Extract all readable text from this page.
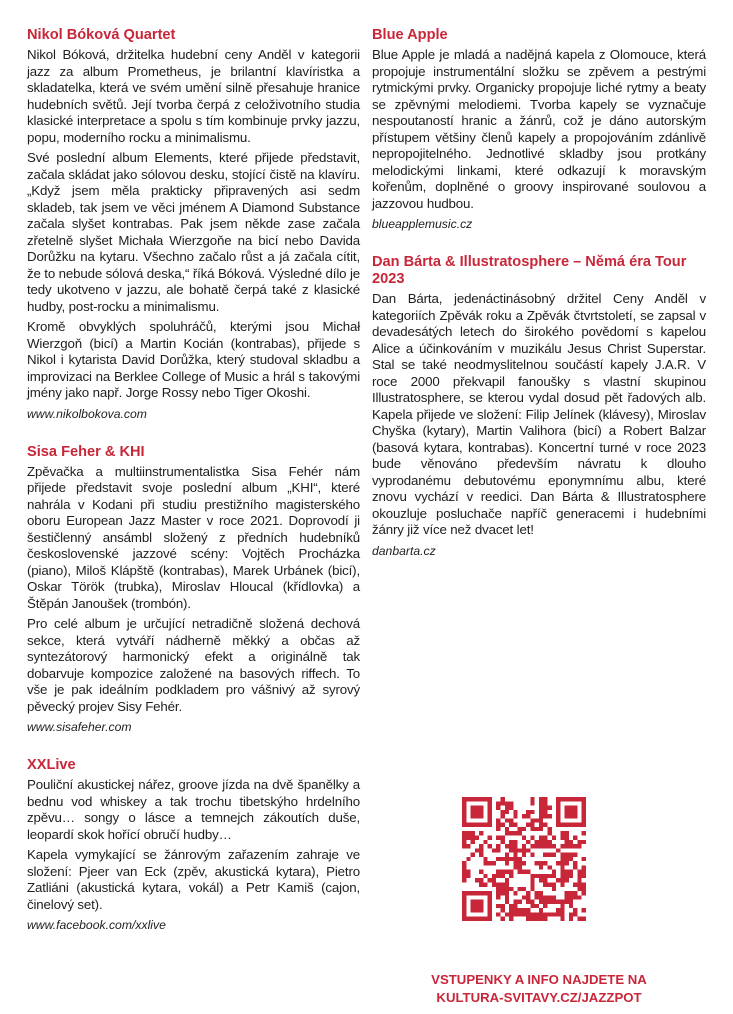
Nikol Bóková Quartet

Nikol Bóková, držitelka hudební ceny Anděl v kategorii jazz za album Prometheus, je brilantní klavíristka a skladatelka, která ve svém umění silně přesahuje hranice hudebních světů. Její tvorba čerpá z celoživotního studia klasické interpretace a spolu s tím kombinuje prvky jazzu, popu, moderního rocku a minimalismu.

Své poslední album Elements, které přijede představit, začala skládat jako sólovou desku, stojící čistě na klavíru. „Když jsem měla prakticky připravených asi sedm skladeb, tak jsem ve věci jménem A Diamond Substance začala slyšet kontrabas. Pak jsem někde zase začala zřetelně slyšet Michała Wierzgoňe na bicí nebo Davida Dorůžku na kytaru. Všechno začalo růst a já začala cítit, že to nebude sólová deska,“ říká Bóková. Výsledné dílo je tedy ukotveno v jazzu, ale bohatě čerpá také z klasické hudby, post-rocku a minimalismu.

Kromě obvyklých spoluhráčů, kterými jsou Michał Wierzgoň (bicí) a Martin Kocián (kontrabas), přijede s Nikol i kytarista David Dorůžka, který studoval skladbu a improvizaci na Berklee College of Music a hrál s takovými jmény jako např. Jorge Rossy nebo Tiger Okoshi.

www.nikolbokova.com
Sisa Feher & KHI

Zpěvačka a multiinstrumentalistka Sisa Fehér nám přijede představit svoje poslední album „KHI“, které nahrála v Kodani při studiu prestižního magisterského oboru European Jazz Master v roce 2021. Doprovodí ji šestičlenný ansámbl složený z předních hudebníků československé jazzové scény: Vojtěch Procházka (piano), Miloš Klápště (kontrabas), Marek Urbánek (bicí), Oskar Török (trubka), Miroslav Hloucal (křídlovka) a Štěpán Janoušek (trombón).

Pro celé album je určující netradičně složená dechová sekce, která vytváří nádherně měkký a občas až syntezátorový harmonický efekt a originálně tak dobarvuje kompozice založené na basových riffech. To vše je pak ideálním podkladem pro vášnivý až syrový pěvecký projev Sisy Fehér.

www.sisafeher.com
XXLive

Pouliční akustickej nářez, groove jízda na dvě španělky a bednu vod whiskey a tak trochu tibetskýho hrdelního zpěvu… songy o lásce a temnejch zákoutích duše, leopardí skok hořící obručí hudby…

Kapela vymykající se žánrovým zařazením zahraje ve složení: Pjeer van Eck (zpěv, akustická kytara), Pietro Zatliáni (akustická kytara, vokál) a Petr Kamiš (cajon, činelový set).

www.facebook.com/xxlive
Blue Apple

Blue Apple je mladá a nadějná kapela z Olomouce, která propojuje instrumentální složku se zpěvem a pestrými rytmickými prvky. Organicky propojuje liché rytmy a beaty se zpěvnými melodiemi. Tvorba kapely se vyznačuje nespoutaností hranic a žánrů, což je dáno autorským přístupem většiny členů kapely a propojováním zdánlivě nepropojitelného. Jednotlivé skladby jsou protkány melodickými linkami, které odkazují k moravským kořenům, doplněné o groovy inspirované soulovou a jazzovou hudbou.

blueapplemusic.cz
Dan Bárta & Illustratosphere – Němá éra Tour 2023

Dan Bárta, jedenáctinásobný držitel Ceny Anděl v kategoriích Zpěvák roku a Zpěvák čtvrtstoletí, se zapsal v devadesátých letech do širokého povědomí s kapelou Alice a účinkováním v muzikálu Jesus Christ Superstar. Stal se také neodmyslitelnou součástí kapely J.A.R. V roce 2000 překvapil fanoušky s vlastní skupinou Illustratosphere, se kterou vydal dosud pět řadových alb. Kapela přijede ve složení: Filip Jelínek (klávesy), Miroslav Chyška (kytary), Martin Valihora (bicí) a Robert Balzar (basová kytara, kontrabas). Koncertní turné v roce 2023 bude věnováno především návratu k dlouho vyprodanému debutovému eponymnímu albu, které znovu vychází v reedici. Dan Bárta & Illustratosphere okouzluje posluchače napříč generacemi i hudebními žánry již více než dvacet let!

danbarta.cz
VSTUPENKY A INFO NAJDETE NA
KULTURA-SVITAVY.CZ/JAZZPOT
